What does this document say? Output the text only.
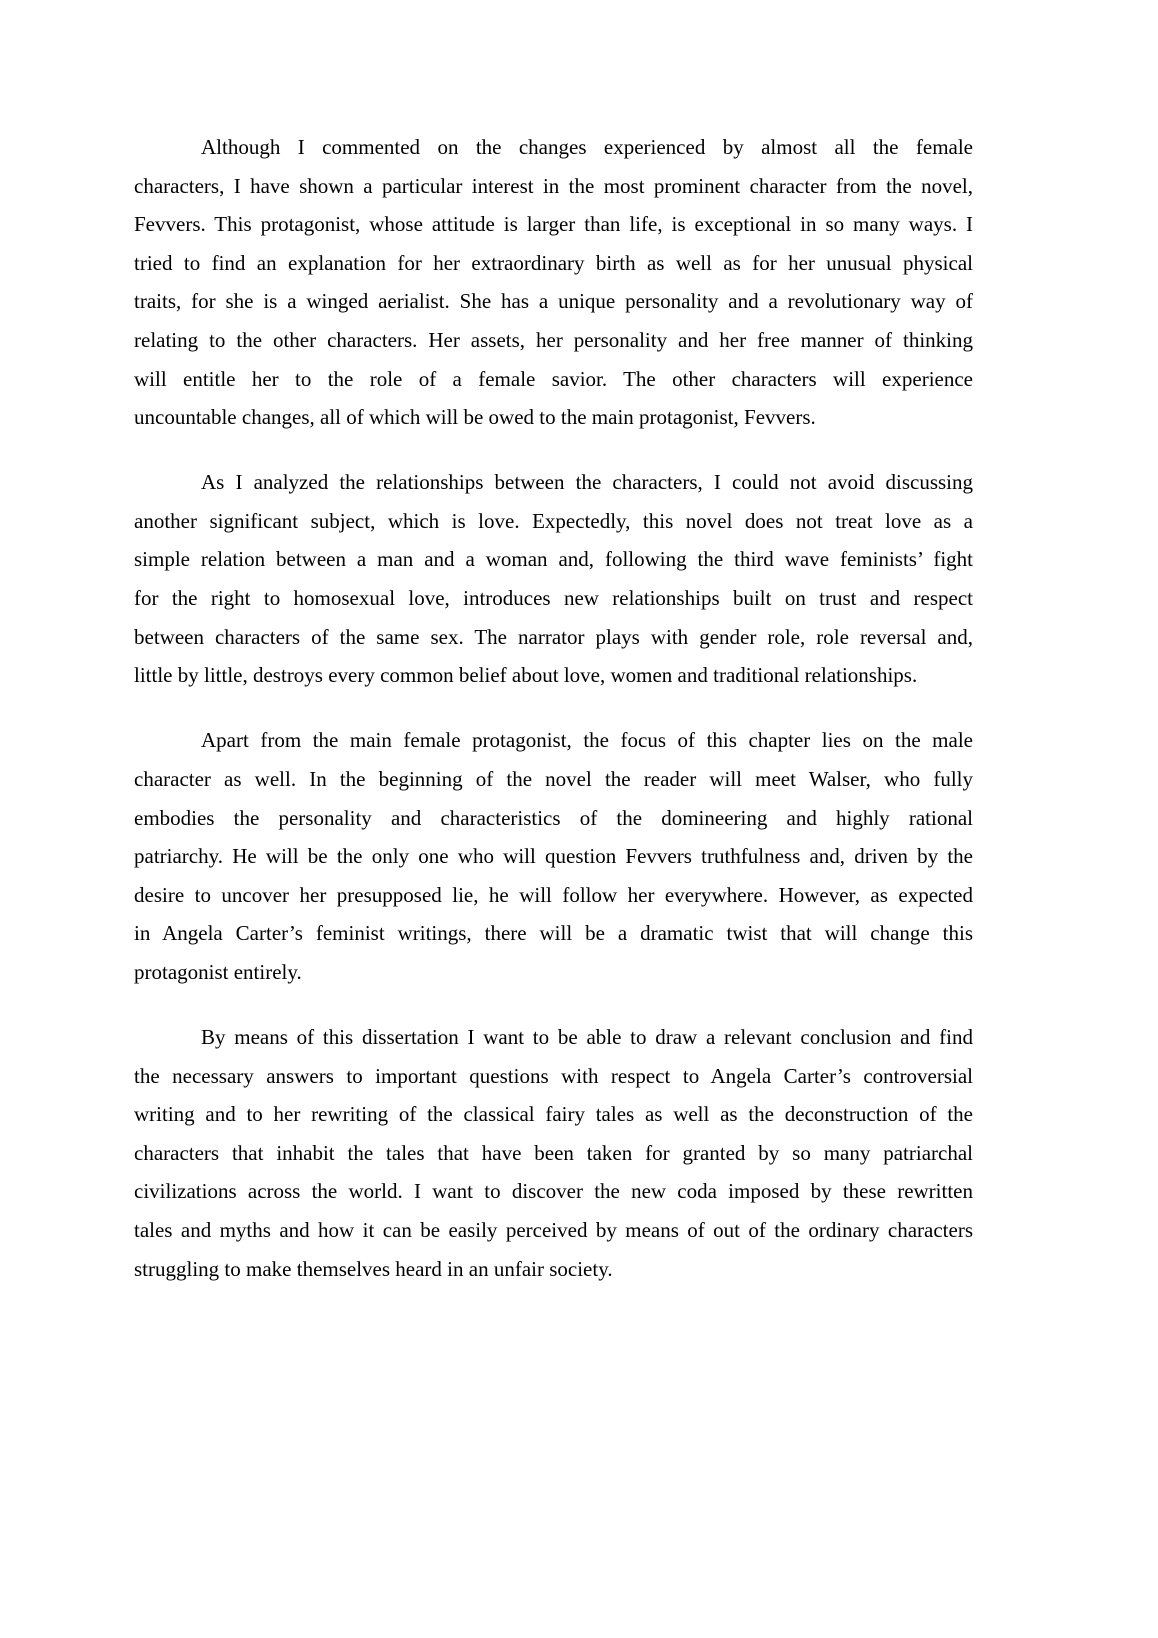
Although I commented on the changes experienced by almost all the female
characters, I have shown a particular interest in the most prominent character from the novel,
Fevvers. This protagonist, whose attitude is larger than life, is exceptional in so many ways. I
tried to find an explanation for her extraordinary birth as well as for her unusual physical
traits, for she is a winged aerialist. She has a unique personality and a revolutionary way of
relating to the other characters. Her assets, her personality and her free manner of thinking
will entitle her to the role of a female savior. The other characters will experience
uncountable changes, all of which will be owed to the main protagonist, Fevvers.
As I analyzed the relationships between the characters, I could not avoid discussing
another significant subject, which is love. Expectedly, this novel does not treat love as a
simple relation between a man and a woman and, following the third wave feminists’ fight
for the right to homosexual love, introduces new relationships built on trust and respect
between characters of the same sex. The narrator plays with gender role, role reversal and,
little by little, destroys every common belief about love, women and traditional relationships.
Apart from the main female protagonist, the focus of this chapter lies on the male
character as well. In the beginning of the novel the reader will meet Walser, who fully
embodies the personality and characteristics of the domineering and highly rational
patriarchy. He will be the only one who will question Fevvers truthfulness and, driven by the
desire to uncover her presupposed lie, he will follow her everywhere. However, as expected
in Angela Carter’s feminist writings, there will be a dramatic twist that will change this
protagonist entirely.
By means of this dissertation I want to be able to draw a relevant conclusion and find
the necessary answers to important questions with respect to Angela Carter’s controversial
writing and to her rewriting of the classical fairy tales as well as the deconstruction of the
characters that inhabit the tales that have been taken for granted by so many patriarchal
civilizations across the world. I want to discover the new coda imposed by these rewritten
tales and myths and how it can be easily perceived by means of out of the ordinary characters
struggling to make themselves heard in an unfair society.
